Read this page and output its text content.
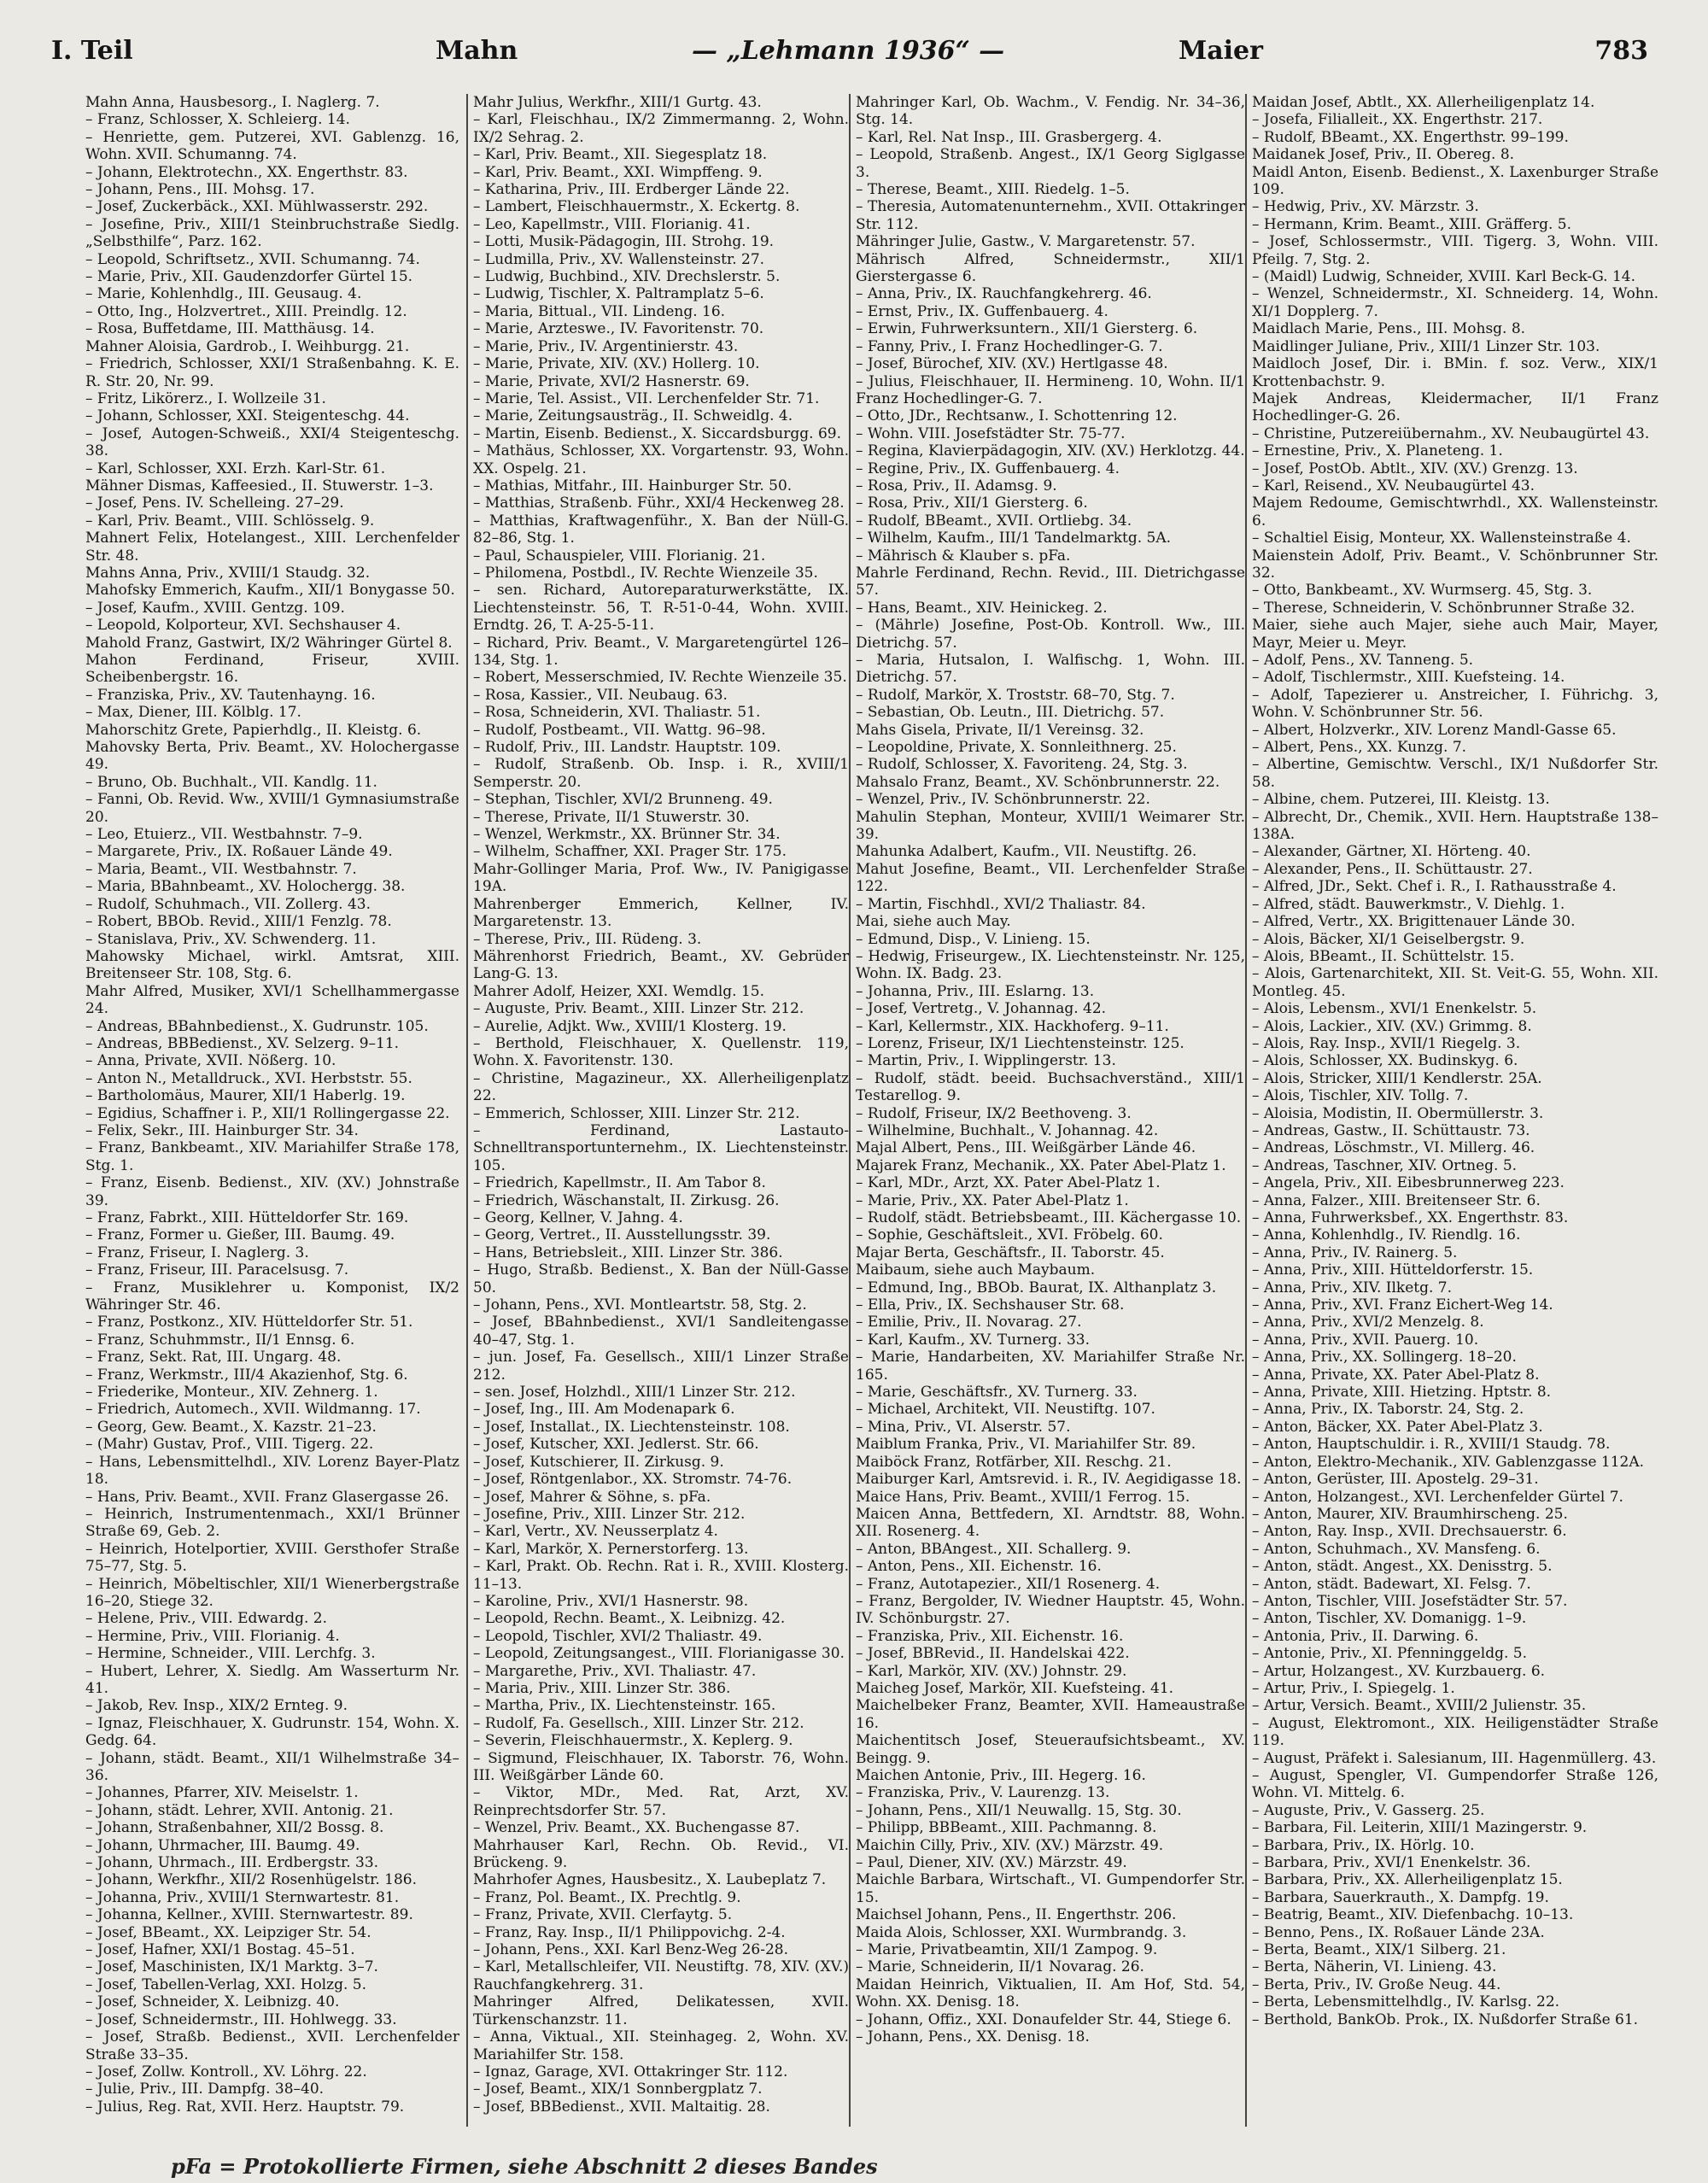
I. Teil	Mahn	— „Lehmann 1936“ —	Maier	783

Mahn Anna, Hausbesorg., I. Naglerg. 7.

– Franz, Schlosser, X. Schleierg. 14.

– Henriette, gem. Putzerei, XVI. Gablenzg. 16, Wohn. XVII. Schumanng. 74.

– Johann, Elektrotechn., XX. Engerthstr. 83.

– Johann, Pens., III. Mohsg. 17.

– Josef, Zuckerbäck., XXI. Mühlwasserstr. 292.

– Josefine, Priv., XIII/1 Steinbruchstraße Siedlg. „Selbsthilfe“, Parz. 162.

– Leopold, Schriftsetz., XVII. Schumanng. 74.

– Marie, Priv., XII. Gaudenzdorfer Gürtel 15.

– Marie, Kohlenhdlg., III. Geusaug. 4.

– Otto, Ing., Holzvertret., XIII. Preindlg. 12.

– Rosa, Buffetdame, III. Matthäusg. 14.

Mahner Aloisia, Gardrob., I. Weihburgg. 21.

– Friedrich, Schlosser, XXI/1 Straßenbahng. K. E. R. Str. 20, Nr. 99.

– Fritz, Likörerz., I. Wollzeile 31.

– Johann, Schlosser, XXI. Steigenteschg. 44.

– Josef, Autogen-Schweiß., XXI/4 Steigenteschg. 38.

– Karl, Schlosser, XXI. Erzh. Karl-Str. 61.

Mähner Dismas, Kaffeesied., II. Stuwerstr. 1–3.

– Josef, Pens. IV. Schelleing. 27–29.

– Karl, Priv. Beamt., VIII. Schlösselg. 9.

Mahnert Felix, Hotelangest., XIII. Lerchenfelder Str. 48.

Mahns Anna, Priv., XVIII/1 Staudg. 32.

Mahofsky Emmerich, Kaufm., XII/1 Bonygasse 50.

– Josef, Kaufm., XVIII. Gentzg. 109.

– Leopold, Kolporteur, XVI. Sechshauser 4.

Mahold Franz, Gastwirt, IX/2 Währinger Gürtel 8.

Mahon Ferdinand, Friseur, XVIII. Scheibenbergstr. 16.

– Franziska, Priv., XV. Tautenhayng. 16.

– Max, Diener, III. Kölblg. 17.

Mahorschitz Grete, Papierhdlg., II. Kleistg. 6.

Mahovsky Berta, Priv. Beamt., XV. Holochergasse 49.

– Bruno, Ob. Buchhalt., VII. Kandlg. 11.

– Fanni, Ob. Revid. Ww., XVIII/1 Gymnasiumstraße 20.

– Leo, Etuierz., VII. Westbahnstr. 7–9.

– Margarete, Priv., IX. Roßauer Lände 49.

– Maria, Beamt., VII. Westbahnstr. 7.

– Maria, BBahnbeamt., XV. Holochergg. 38.

– Rudolf, Schuhmach., VII. Zollerg. 43.

– Robert, BBOb. Revid., XIII/1 Fenzlg. 78.

– Stanislava, Priv., XV. Schwenderg. 11.

Mahowsky Michael, wirkl. Amtsrat, XIII. Breitenseer Str. 108, Stg. 6.

Mahr Alfred, Musiker, XVI/1 Schellhammergasse 24.

– Andreas, BBahnbedienst., X. Gudrunstr. 105.

– Andreas, BBBedienst., XV. Selzerg. 9–11.

– Anna, Private, XVII. Nößerg. 10.

– Anton N., Metalldruck., XVI. Herbststr. 55.

– Bartholomäus, Maurer, XII/1 Haberlg. 19.

– Egidius, Schaffner i. P., XII/1 Rollingergasse 22.

– Felix, Sekr., III. Hainburger Str. 34.

– Franz, Bankbeamt., XIV. Mariahilfer Straße 178, Stg. 1.

– Franz, Eisenb. Bedienst., XIV. (XV.) Johnstraße 39.

– Franz, Fabrkt., XIII. Hütteldorfer Str. 169.

– Franz, Former u. Gießer, III. Baumg. 49.

– Franz, Friseur, I. Naglerg. 3.

– Franz, Friseur, III. Paracelsusg. 7.

– Franz, Musiklehrer u. Komponist, IX/2 Währinger Str. 46.

– Franz, Postkonz., XIV. Hütteldorfer Str. 51.

– Franz, Schuhmmstr., II/1 Ennsg. 6.

– Franz, Sekt. Rat, III. Ungarg. 48.

– Franz, Werkmstr., III/4 Akazienhof, Stg. 6.

– Friederike, Monteur., XIV. Zehnerg. 1.

– Friedrich, Automech., XVII. Wildmanng. 17.

– Georg, Gew. Beamt., X. Kazstr. 21–23.

– (Mahr) Gustav, Prof., VIII. Tigerg. 22.

– Hans, Lebensmittelhdl., XIV. Lorenz Bayer-Platz 18.

– Hans, Priv. Beamt., XVII. Franz Glasergasse 26.

– Heinrich, Instrumentenmach., XXI/1 Brünner Straße 69, Geb. 2.

– Heinrich, Hotelportier, XVIII. Gersthofer Straße 75–77, Stg. 5.

– Heinrich, Möbeltischler, XII/1 Wienerbergstraße 16–20, Stiege 32.

– Helene, Priv., VIII. Edwardg. 2.

– Hermine, Priv., VIII. Florianig. 4.

– Hermine, Schneider., VIII. Lerchfg. 3.

– Hubert, Lehrer, X. Siedlg. Am Wasserturm Nr. 41.

– Jakob, Rev. Insp., XIX/2 Ernteg. 9.

– Ignaz, Fleischhauer, X. Gudrunstr. 154, Wohn. X. Gedg. 64.

– Johann, städt. Beamt., XII/1 Wilhelmstraße 34–36.

– Johannes, Pfarrer, XIV. Meiselstr. 1.

– Johann, städt. Lehrer, XVII. Antonig. 21.

– Johann, Straßenbahner, XII/2 Bossg. 8.

– Johann, Uhrmacher, III. Baumg. 49.

– Johann, Uhrmach., III. Erdbergstr. 33.

– Johann, Werkfhr., XII/2 Rosenhügelstr. 186.

– Johanna, Priv., XVIII/1 Sternwartestr. 81.

– Johanna, Kellner., XVIII. Sternwartestr. 89.

– Josef, BBeamt., XX. Leipziger Str. 54.

– Josef, Hafner, XXI/1 Bostag. 45–51.

– Josef, Maschinisten, IX/1 Marktg. 3–7.

– Josef, Tabellen-Verlag, XXI. Holzg. 5.

– Josef, Schneider, X. Leibnizg. 40.

– Josef, Schneidermstr., III. Hohlwegg. 33.

– Josef, Straßb. Bedienst., XVII. Lerchenfelder Straße 33–35.

– Josef, Zollw. Kontroll., XV. Löhrg. 22.

– Julie, Priv., III. Dampfg. 38–40.

– Julius, Reg. Rat, XVII. Herz. Hauptstr. 79.

Mahr Julius, Werkfhr., XIII/1 Gurtg. 43.

– Karl, Fleischhau., IX/2 Zimmermanng. 2, Wohn. IX/2 Sehrag. 2.

– Karl, Priv. Beamt., XII. Siegesplatz 18.

– Karl, Priv. Beamt., XXI. Wimpffeng. 9.

– Katharina, Priv., III. Erdberger Lände 22.

– Lambert, Fleischhauermstr., X. Eckertg. 8.

– Leo, Kapellmstr., VIII. Florianig. 41.

– Lotti, Musik-Pädagogin, III. Strohg. 19.

– Ludmilla, Priv., XV. Wallensteinstr. 27.

– Ludwig, Buchbind., XIV. Drechslerstr. 5.

– Ludwig, Tischler, X. Paltramplatz 5–6.

– Maria, Bittual., VII. Lindeng. 16.

– Marie, Arzteswe., IV. Favoritenstr. 70.

– Marie, Priv., IV. Argentinierstr. 43.

– Marie, Private, XIV. (XV.) Hollerg. 10.

– Marie, Private, XVI/2 Hasnerstr. 69.

– Marie, Tel. Assist., VII. Lerchenfelder Str. 71.

– Marie, Zeitungsausträg., II. Schweidlg. 4.

– Martin, Eisenb. Bedienst., X. Siccardsburgg. 69.

– Mathäus, Schlosser, XX. Vorgartenstr. 93, Wohn. XX. Ospelg. 21.

– Mathias, Mitfahr., III. Hainburger Str. 50.

– Matthias, Straßenb. Führ., XXI/4 Heckenweg 28.

– Matthias, Kraftwagenführ., X. Ban der Nüll-G. 82–86, Stg. 1.

– Paul, Schauspieler, VIII. Florianig. 21.

– Philomena, Postbdl., IV. Rechte Wienzeile 35.

– sen. Richard, Autoreparaturwerkstätte, IX. Liechtensteinstr. 56, T. R-51-0-44, Wohn. XVIII. Erndtg. 26, T. A-25-5-11.

– Richard, Priv. Beamt., V. Margaretengürtel 126–134, Stg. 1.

– Robert, Messerschmied, IV. Rechte Wienzeile 35.

– Rosa, Kassier., VII. Neubaug. 63.

– Rosa, Schneiderin, XVI. Thaliastr. 51.

– Rudolf, Postbeamt., VII. Wattg. 96–98.

– Rudolf, Priv., III. Landstr. Hauptstr. 109.

– Rudolf, Straßenb. Ob. Insp. i. R., XVIII/1 Semperstr. 20.

– Stephan, Tischler, XVI/2 Brunneng. 49.

– Therese, Private, II/1 Stuwerstr. 30.

– Wenzel, Werkmstr., XX. Brünner Str. 34.

– Wilhelm, Schaffner, XXI. Prager Str. 175.

Mahr-Gollinger Maria, Prof. Ww., IV. Panigigasse 19A.

Mahrenberger Emmerich, Kellner, IV. Margaretenstr. 13.

– Therese, Priv., III. Rüdeng. 3.

Mährenhorst Friedrich, Beamt., XV. Gebrüder Lang-G. 13.

Mahrer Adolf, Heizer, XXI. Wemdlg. 15.

– Auguste, Priv. Beamt., XIII. Linzer Str. 212.

– Aurelie, Adjkt. Ww., XVIII/1 Klosterg. 19.

– Berthold, Fleischhauer, X. Quellenstr. 119, Wohn. X. Favoritenstr. 130.

– Christine, Magazineur., XX. Allerheiligenplatz 22.

– Emmerich, Schlosser, XIII. Linzer Str. 212.

– Ferdinand, Lastauto-Schnelltransportunternehm., IX. Liechtensteinstr. 105.

– Friedrich, Kapellmstr., II. Am Tabor 8.

– Friedrich, Wäschanstalt, II. Zirkusg. 26.

– Georg, Kellner, V. Jahng. 4.

– Georg, Vertret., II. Ausstellungsstr. 39.

– Hans, Betriebsleit., XIII. Linzer Str. 386.

– Hugo, Straßb. Bedienst., X. Ban der Nüll-Gasse 50.

– Johann, Pens., XVI. Montleartstr. 58, Stg. 2.

– Josef, BBahnbedienst., XVI/1 Sandleitengasse 40–47, Stg. 1.

– jun. Josef, Fa. Gesellsch., XIII/1 Linzer Straße 212.

– sen. Josef, Holzhdl., XIII/1 Linzer Str. 212.

– Josef, Ing., III. Am Modenapark 6.

– Josef, Installat., IX. Liechtensteinstr. 108.

– Josef, Kutscher, XXI. Jedlerst. Str. 66.

– Josef, Kutschierer, II. Zirkusg. 9.

– Josef, Röntgenlabor., XX. Stromstr. 74-76.

– Josef, Mahrer & Söhne, s. pFa.

– Josefine, Priv., XIII. Linzer Str. 212.

– Karl, Vertr., XV. Neusserplatz 4.

– Karl, Markör, X. Pernerstorferg. 13.

– Karl, Prakt. Ob. Rechn. Rat i. R., XVIII. Klosterg. 11–13.

– Karoline, Priv., XVI/1 Hasnerstr. 98.

– Leopold, Rechn. Beamt., X. Leibnizg. 42.

– Leopold, Tischler, XVI/2 Thaliastr. 49.

– Leopold, Zeitungsangest., VIII. Florianigasse 30.

– Margarethe, Priv., XVI. Thaliastr. 47.

– Maria, Priv., XIII. Linzer Str. 386.

– Martha, Priv., IX. Liechtensteinstr. 165.

– Rudolf, Fa. Gesellsch., XIII. Linzer Str. 212.

– Severin, Fleischhauermstr., X. Keplerg. 9.

– Sigmund, Fleischhauer, IX. Taborstr. 76, Wohn. III. Weißgärber Lände 60.

– Viktor, MDr., Med. Rat, Arzt, XV. Reinprechtsdorfer Str. 57.

– Wenzel, Priv. Beamt., XX. Buchengasse 87.

Mahrhauser Karl, Rechn. Ob. Revid., VI. Brückeng. 9.

Mahrhofer Agnes, Hausbesitz., X. Laubeplatz 7.

– Franz, Pol. Beamt., IX. Prechtlg. 9.

– Franz, Private, XVII. Clerfaytg. 5.

– Franz, Ray. Insp., II/1 Philippovichg. 2-4.

– Johann, Pens., XXI. Karl Benz-Weg 26-28.

– Karl, Metallschleifer, VII. Neustiftg. 78, XIV. (XV.) Rauchfangkehrerg. 31.

Mahringer Alfred, Delikatessen, XVII. Türkenschanzstr. 11.

– Anna, Viktual., XII. Steinhageg. 2, Wohn. XV. Mariahilfer Str. 158.

– Ignaz, Garage, XVI. Ottakringer Str. 112.

– Josef, Beamt., XIX/1 Sonnbergplatz 7.

– Josef, BBBedienst., XVII. Maltaitig. 28.

Mahringer Karl, Ob. Wachm., V. Fendig. Nr. 34–36, Stg. 14.

– Karl, Rel. Nat Insp., III. Grasbergerg. 4.

– Leopold, Straßenb. Angest., IX/1 Georg Siglgasse 3.

– Therese, Beamt., XIII. Riedelg. 1–5.

– Theresia, Automatenunternehm., XVII. Ottakringer Str. 112.

Mähringer Julie, Gastw., V. Margaretenstr. 57.

Mährisch Alfred, Schneidermstr., XII/1 Gierstergasse 6.

– Anna, Priv., IX. Rauchfangkehrerg. 46.

– Ernst, Priv., IX. Guffenbauerg. 4.

– Erwin, Fuhrwerksuntern., XII/1 Giersterg. 6.

– Fanny, Priv., I. Franz Hochedlinger-G. 7.

– Josef, Bürochef, XIV. (XV.) Hertlgasse 48.

– Julius, Fleischhauer, II. Hermineng. 10, Wohn. II/1 Franz Hochedlinger-G. 7.

– Otto, JDr., Rechtsanw., I. Schottenring 12.

– Wohn. VIII. Josefstädter Str. 75-77.

– Regina, Klavierpädagogin, XIV. (XV.) Herklotzg. 44.

– Regine, Priv., IX. Guffenbauerg. 4.

– Rosa, Priv., II. Adamsg. 9.

– Rosa, Priv., XII/1 Giersterg. 6.

– Rudolf, BBeamt., XVII. Ortliebg. 34.

– Wilhelm, Kaufm., III/1 Tandelmarktg. 5A.

– Mährisch & Klauber s. pFa.

Mahrle Ferdinand, Rechn. Revid., III. Dietrichgasse 57.

– Hans, Beamt., XIV. Heinickeg. 2.

– (Mährle) Josefine, Post-Ob. Kontroll. Ww., III. Dietrichg. 57.

– Maria, Hutsalon, I. Walfischg. 1, Wohn. III. Dietrichg. 57.

– Rudolf, Markör, X. Troststr. 68–70, Stg. 7.

– Sebastian, Ob. Leutn., III. Dietrichg. 57.

Mahs Gisela, Private, II/1 Vereinsg. 32.

– Leopoldine, Private, X. Sonnleithnerg. 25.

– Rudolf, Schlosser, X. Favoriteng. 24, Stg. 3.

Mahsalo Franz, Beamt., XV. Schönbrunnerstr. 22.

– Wenzel, Priv., IV. Schönbrunnerstr. 22.

Mahulin Stephan, Monteur, XVIII/1 Weimarer Str. 39.

Mahunka Adalbert, Kaufm., VII. Neustiftg. 26.

Mahut Josefine, Beamt., VII. Lerchenfelder Straße 122.

– Martin, Fischhdl., XVI/2 Thaliastr. 84.

Mai, siehe auch May.

– Edmund, Disp., V. Linieng. 15.

– Hedwig, Friseurgew., IX. Liechtensteinstr. Nr. 125, Wohn. IX. Badg. 23.

– Johanna, Priv., III. Eslarng. 13.

– Josef, Vertretg., V. Johannag. 42.

– Karl, Kellermstr., XIX. Hackhoferg. 9–11.

– Lorenz, Friseur, IX/1 Liechtensteinstr. 125.

– Martin, Priv., I. Wipplingerstr. 13.

– Rudolf, städt. beeid. Buchsachverständ., XIII/1 Testarellog. 9.

– Rudolf, Friseur, IX/2 Beethoveng. 3.

– Wilhelmine, Buchhalt., V. Johannag. 42.

Majal Albert, Pens., III. Weißgärber Lände 46.

Majarek Franz, Mechanik., XX. Pater Abel-Platz 1.

– Karl, MDr., Arzt, XX. Pater Abel-Platz 1.

– Marie, Priv., XX. Pater Abel-Platz 1.

– Rudolf, städt. Betriebsbeamt., III. Kächergasse 10.

– Sophie, Geschäftsleit., XVI. Fröbelg. 60.

Majar Berta, Geschäftsfr., II. Taborstr. 45.

Maibaum, siehe auch Maybaum.

– Edmund, Ing., BBOb. Baurat, IX. Althanplatz 3.

– Ella, Priv., IX. Sechshauser Str. 68.

– Emilie, Priv., II. Novarag. 27.

– Karl, Kaufm., XV. Turnerg. 33.

– Marie, Handarbeiten, XV. Mariahilfer Straße Nr. 165.

– Marie, Geschäftsfr., XV. Turnerg. 33.

– Michael, Architekt, VII. Neustiftg. 107.

– Mina, Priv., VI. Alserstr. 57.

Maiblum Franka, Priv., VI. Mariahilfer Str. 89.

Maiböck Franz, Rotfärber, XII. Reschg. 21.

Maiburger Karl, Amtsrevid. i. R., IV. Aegidigasse 18.

Maice Hans, Priv. Beamt., XVIII/1 Ferrog. 15.

Maicen Anna, Bettfedern, XI. Arndtstr. 88, Wohn. XII. Rosenerg. 4.

– Anton, BBAngest., XII. Schallerg. 9.

– Anton, Pens., XII. Eichenstr. 16.

– Franz, Autotapezier., XII/1 Rosenerg. 4.

– Franz, Bergolder, IV. Wiedner Hauptstr. 45, Wohn. IV. Schönburgstr. 27.

– Franziska, Priv., XII. Eichenstr. 16.

– Josef, BBRevid., II. Handelskai 422.

– Karl, Markör, XIV. (XV.) Johnstr. 29.

Maicheg Josef, Markör, XII. Kuefsteing. 41.

Maichelbeker Franz, Beamter, XVII. Hameaustraße 16.

Maichentitsch Josef, Steueraufsichtsbeamt., XV. Beingg. 9.

Maichen Antonie, Priv., III. Hegerg. 16.

– Franziska, Priv., V. Laurenzg. 13.

– Johann, Pens., XII/1 Neuwallg. 15, Stg. 30.

– Philipp, BBBeamt., XIII. Pachmanng. 8.

Maichin Cilly, Priv., XIV. (XV.) Märzstr. 49.

– Paul, Diener, XIV. (XV.) Märzstr. 49.

Maichle Barbara, Wirtschaft., VI. Gumpendorfer Str. 15.

Maichsel Johann, Pens., II. Engerthstr. 206.

Maida Alois, Schlosser, XXI. Wurmbrandg. 3.

– Marie, Privatbeamtin, XII/1 Zampog. 9.

– Marie, Schneiderin, II/1 Novarag. 26.

Maidan Heinrich, Viktualien, II. Am Hof, Std. 54, Wohn. XX. Denisg. 18.

– Johann, Offiz., XXI. Donaufelder Str. 44, Stiege 6.

– Johann, Pens., XX. Denisg. 18.

Maidan Josef, Abtlt., XX. Allerheiligenplatz 14.

– Josefa, Filialleit., XX. Engerthstr. 217.

– Rudolf, BBeamt., XX. Engerthstr. 99–199.

Maidanek Josef, Priv., II. Obereg. 8.

Maidl Anton, Eisenb. Bedienst., X. Laxenburger Straße 109.

– Hedwig, Priv., XV. Märzstr. 3.

– Hermann, Krim. Beamt., XIII. Gräfferg. 5.

– Josef, Schlossermstr., VIII. Tigerg. 3, Wohn. VIII. Pfeilg. 7, Stg. 2.

– (Maidl) Ludwig, Schneider, XVIII. Karl Beck-G. 14.

– Wenzel, Schneidermstr., XI. Schneiderg. 14, Wohn. XI/1 Dopplerg. 7.

Maidlach Marie, Pens., III. Mohsg. 8.

Maidlinger Juliane, Priv., XIII/1 Linzer Str. 103.

Maidloch Josef, Dir. i. BMin. f. soz. Verw., XIX/1 Krottenbachstr. 9.

Majek Andreas, Kleidermacher, II/1 Franz Hochedlinger-G. 26.

– Christine, Putzereiübernahm., XV. Neubaugürtel 43.

– Ernestine, Priv., X. Planeteng. 1.

– Josef, PostOb. Abtlt., XIV. (XV.) Grenzg. 13.

– Karl, Reisend., XV. Neubaugürtel 43.

Majem Redoume, Gemischtwrhdl., XX. Wallensteinstr. 6.

– Schaltiel Eisig, Monteur, XX. Wallensteinstraße 4.

Maienstein Adolf, Priv. Beamt., V. Schönbrunner Str. 32.

– Otto, Bankbeamt., XV. Wurmserg. 45, Stg. 3.

– Therese, Schneiderin, V. Schönbrunner Straße 32.

Maier, siehe auch Majer, siehe auch Mair, Mayer, Mayr, Meier u. Meyr.

– Adolf, Pens., XV. Tanneng. 5.

– Adolf, Tischlermstr., XIII. Kuefsteing. 14.

– Adolf, Tapezierer u. Anstreicher, I. Führichg. 3, Wohn. V. Schönbrunner Str. 56.

– Albert, Holzverkr., XIV. Lorenz Mandl-Gasse 65.

– Albert, Pens., XX. Kunzg. 7.

– Albertine, Gemischtw. Verschl., IX/1 Nußdorfer Str. 58.

– Albine, chem. Putzerei, III. Kleistg. 13.

– Albrecht, Dr., Chemik., XVII. Hern. Hauptstraße 138–138A.

– Alexander, Gärtner, XI. Hörteng. 40.

– Alexander, Pens., II. Schüttaustr. 27.

– Alfred, JDr., Sekt. Chef i. R., I. Rathausstraße 4.

– Alfred, städt. Bauwerkmstr., V. Diehlg. 1.

– Alfred, Vertr., XX. Brigittenauer Lände 30.

– Alois, Bäcker, XI/1 Geiselbergstr. 9.

– Alois, BBeamt., II. Schüttelstr. 15.

– Alois, Gartenarchitekt, XII. St. Veit-G. 55, Wohn. XII. Montleg. 45.

– Alois, Lebensm., XVI/1 Enenkelstr. 5.

– Alois, Lackier., XIV. (XV.) Grimmg. 8.

– Alois, Ray. Insp., XVII/1 Riegelg. 3.

– Alois, Schlosser, XX. Budinskyg. 6.

– Alois, Stricker, XIII/1 Kendlerstr. 25A.

– Alois, Tischler, XIV. Tollg. 7.

– Aloisia, Modistin, II. Obermüllerstr. 3.

– Andreas, Gastw., II. Schüttaustr. 73.

– Andreas, Löschmstr., VI. Millerg. 46.

– Andreas, Taschner, XIV. Ortneg. 5.

– Angela, Priv., XII. Eibesbrunnerweg 223.

– Anna, Falzer., XIII. Breitenseer Str. 6.

– Anna, Fuhrwerksbef., XX. Engerthstr. 83.

– Anna, Kohlenhdlg., IV. Riendlg. 16.

– Anna, Priv., IV. Rainerg. 5.

– Anna, Priv., XIII. Hütteldorferstr. 15.

– Anna, Priv., XIV. Ilketg. 7.

– Anna, Priv., XVI. Franz Eichert-Weg 14.

– Anna, Priv., XVI/2 Menzelg. 8.

– Anna, Priv., XVII. Pauerg. 10.

– Anna, Priv., XX. Sollingerg. 18–20.

– Anna, Private, XX. Pater Abel-Platz 8.

– Anna, Private, XIII. Hietzing. Hptstr. 8.

– Anna, Priv., IX. Taborstr. 24, Stg. 2.

– Anton, Bäcker, XX. Pater Abel-Platz 3.

– Anton, Hauptschuldir. i. R., XVIII/1 Staudg. 78.

– Anton, Elektro-Mechanik., XIV. Gablenzgasse 112A.

– Anton, Gerüster, III. Apostelg. 29–31.

– Anton, Holzangest., XVI. Lerchenfelder Gürtel 7.

– Anton, Maurer, XIV. Braumhirscheng. 25.

– Anton, Ray. Insp., XVII. Drechsauerstr. 6.

– Anton, Schuhmach., XV. Mansfeng. 6.

– Anton, städt. Angest., XX. Denisstrg. 5.

– Anton, städt. Badewart, XI. Felsg. 7.

– Anton, Tischler, VIII. Josefstädter Str. 57.

– Anton, Tischler, XV. Domanigg. 1–9.

– Antonia, Priv., II. Darwing. 6.

– Antonie, Priv., XI. Pfenninggeldg. 5.

– Artur, Holzangest., XV. Kurzbauerg. 6.

– Artur, Priv., I. Spiegelg. 1.

– Artur, Versich. Beamt., XVIII/2 Julienstr. 35.

– August, Elektromont., XIX. Heiligenstädter Straße 119.

– August, Präfekt i. Salesianum, III. Hagenmüllerg. 43.

– August, Spengler, VI. Gumpendorfer Straße 126, Wohn. VI. Mittelg. 6.

– Auguste, Priv., V. Gasserg. 25.

– Barbara, Fil. Leiterin, XIII/1 Mazingerstr. 9.

– Barbara, Priv., IX. Hörlg. 10.

– Barbara, Priv., XVI/1 Enenkelstr. 36.

– Barbara, Priv., XX. Allerheiligenplatz 15.

– Barbara, Sauerkrauth., X. Dampfg. 19.

– Beatrig, Beamt., XIV. Diefenbachg. 10–13.

– Benno, Pens., IX. Roßauer Lände 23A.

– Berta, Beamt., XIX/1 Silberg. 21.

– Berta, Näherin, VI. Linieng. 43.

– Berta, Priv., IV. Große Neug. 44.

– Berta, Lebensmittelhdlg., IV. Karlsg. 22.

– Berthold, BankOb. Prok., IX. Nußdorfer Straße 61.

pFa = Protokollierte Firmen, siehe Abschnitt 2 dieses Bandes
